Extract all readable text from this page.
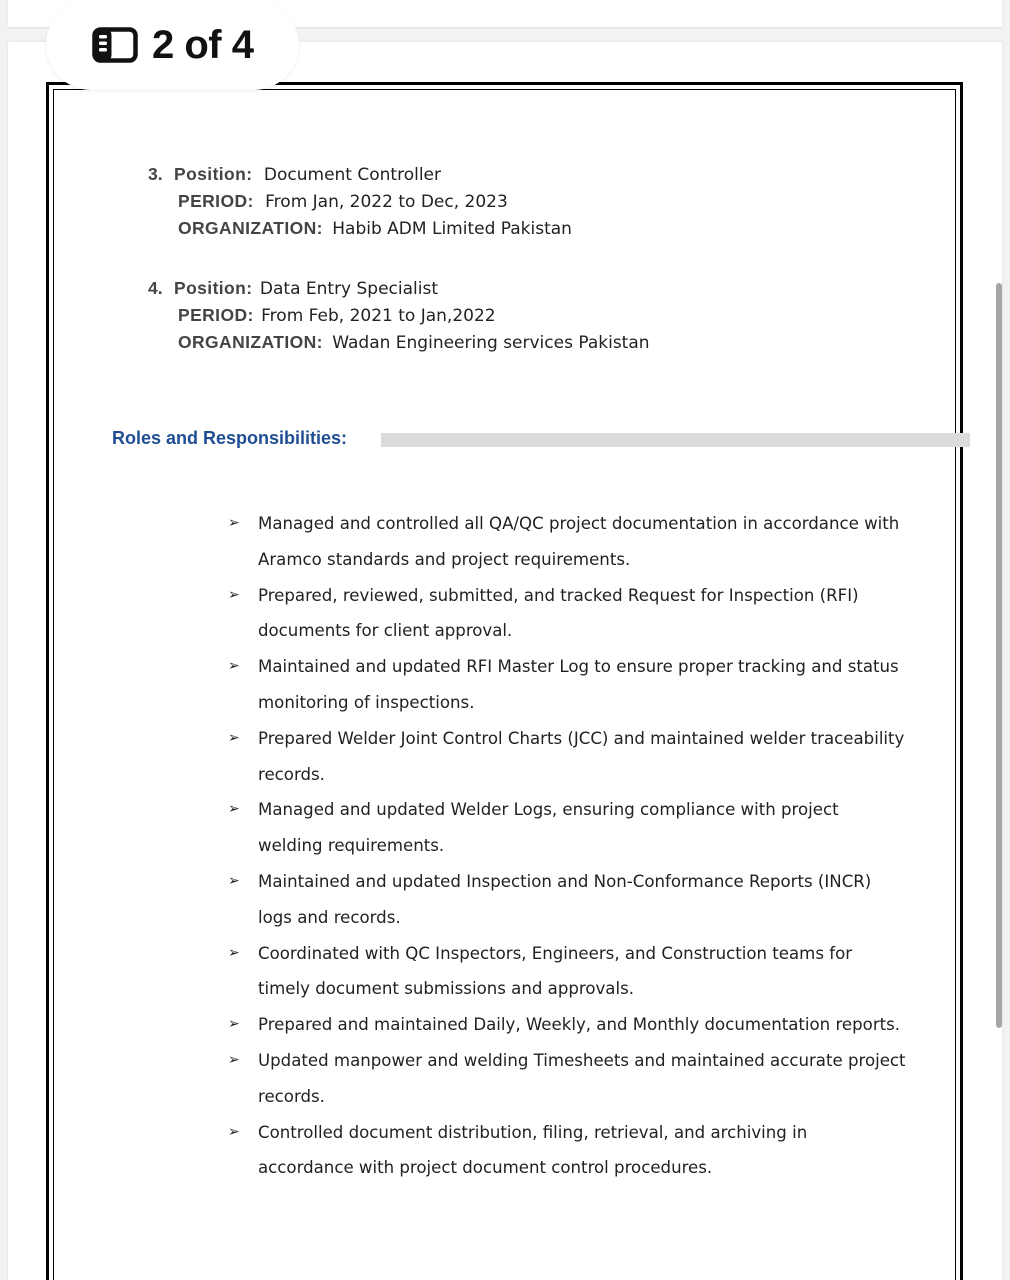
3. Position: Document Controller
PERIOD: From Jan, 2022 to Dec, 2023
ORGANIZATION: Habib ADM Limited Pakistan
4. Position: Data Entry Specialist
PERIOD: From Feb, 2021 to Jan,2022
ORGANIZATION: Wadan Engineering services Pakistan
Roles and Responsibilities:
➢ Managed and controlled all QA/QC project documentation in accordance with Aramco standards and project requirements.
➢ Prepared, reviewed, submitted, and tracked Request for Inspection (RFI) documents for client approval.
➢ Maintained and updated RFI Master Log to ensure proper tracking and status monitoring of inspections.
➢ Prepared Welder Joint Control Charts (JCC) and maintained welder traceability records.
➢ Managed and updated Welder Logs, ensuring compliance with project welding requirements.
➢ Maintained and updated Inspection and Non-Conformance Reports (INCR) logs and records.
➢ Coordinated with QC Inspectors, Engineers, and Construction teams for timely document submissions and approvals.
➢ Prepared and maintained Daily, Weekly, and Monthly documentation reports.
➢ Updated manpower and welding Timesheets and maintained accurate project records.
➢ Controlled document distribution, filing, retrieval, and archiving in accordance with project document control procedures.
2 of 4
